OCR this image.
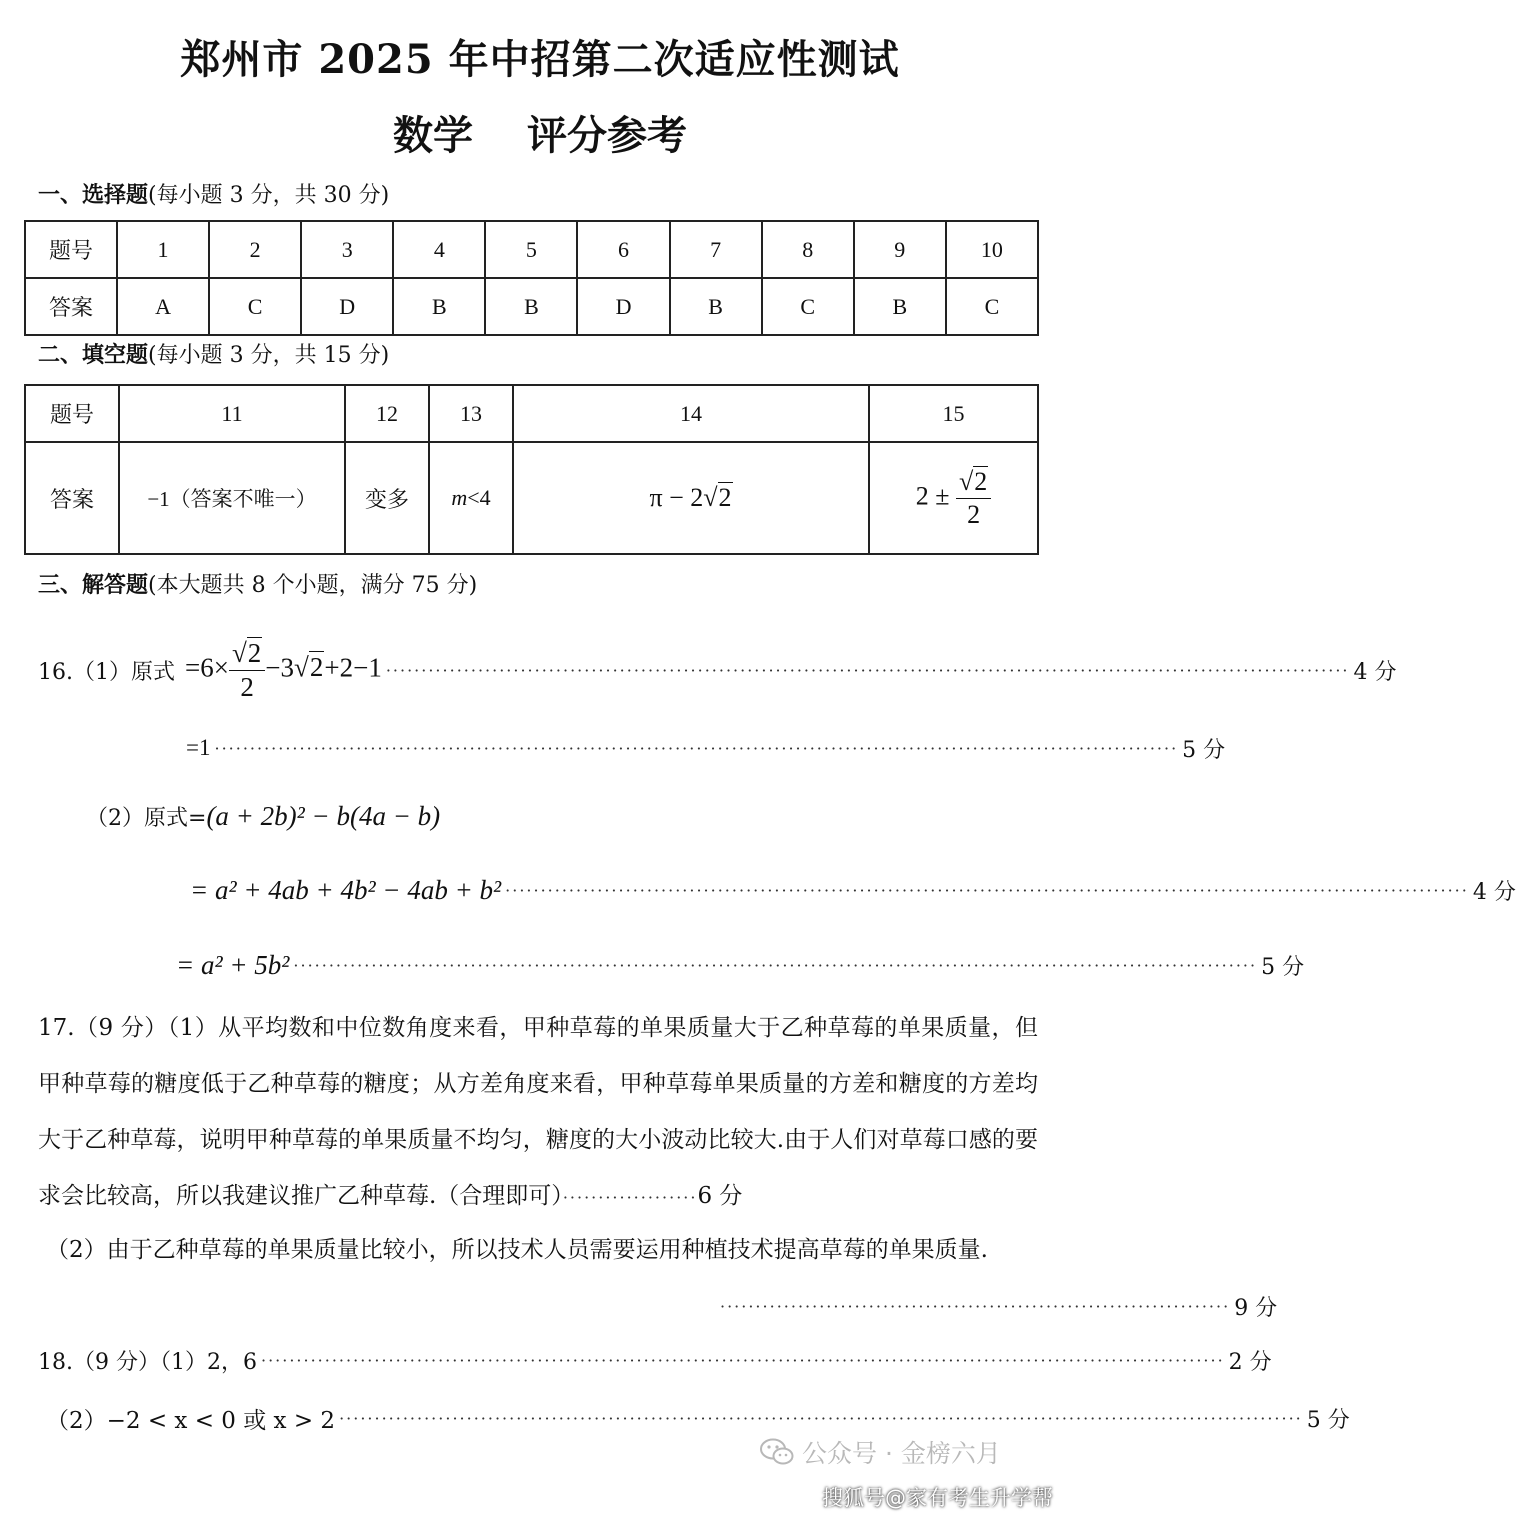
郑州市 2025 年中招第二次适应性测试
数学 评分参考
一、选择题(每小题 3 分，共 30 分)
题号	1	2	3	4	5	6	7	8	9	10
答案	A	C	D	B	B	D	B	C	B	C
二、填空题(每小题 3 分，共 15 分)
题号	11	12	13	14	15
答案	−1（答案不唯一）	变多	m<4	π − 2√2	$2 \pm \frac{√2}{2}$
三、解答题(本大题共 8 个小题，满分 75 分)
16.（1）原式 $=6\times \frac{√2}{2} -3√2+2-1$ ········································································································································ 4 分
=1 ········································································································································ 5 分
（2）原式= (a + 2b)² − b(4a − b)
= a² + 4ab + 4b² − 4ab + b² ········································································································································ 4 分
= a² + 5b² ········································································································································ 5 分
17.（9 分）（1）从平均数和中位数角度来看，甲种草莓的单果质量大于乙种草莓的单果质量，但甲种草莓的糖度低于乙种草莓的糖度；从方差角度来看，甲种草莓单果质量的方差和糖度的方差均大于乙种草莓，说明甲种草莓的单果质量不均匀，糖度的大小波动比较大.由于人们对草莓口感的要求会比较高，所以我建议推广乙种草莓.（合理即可）···················6 分
（2）由于乙种草莓的单果质量比较小，所以技术人员需要运用种植技术提高草莓的单果质量.
········································································ 9 分
18.（9 分）（1）2，6 ········································································································································ 2 分
（2）−2 < x < 0 或 x > 2 ········································································································································ 5 分
公众号 · 金榜六月
搜狐号@家有考生升学帮
